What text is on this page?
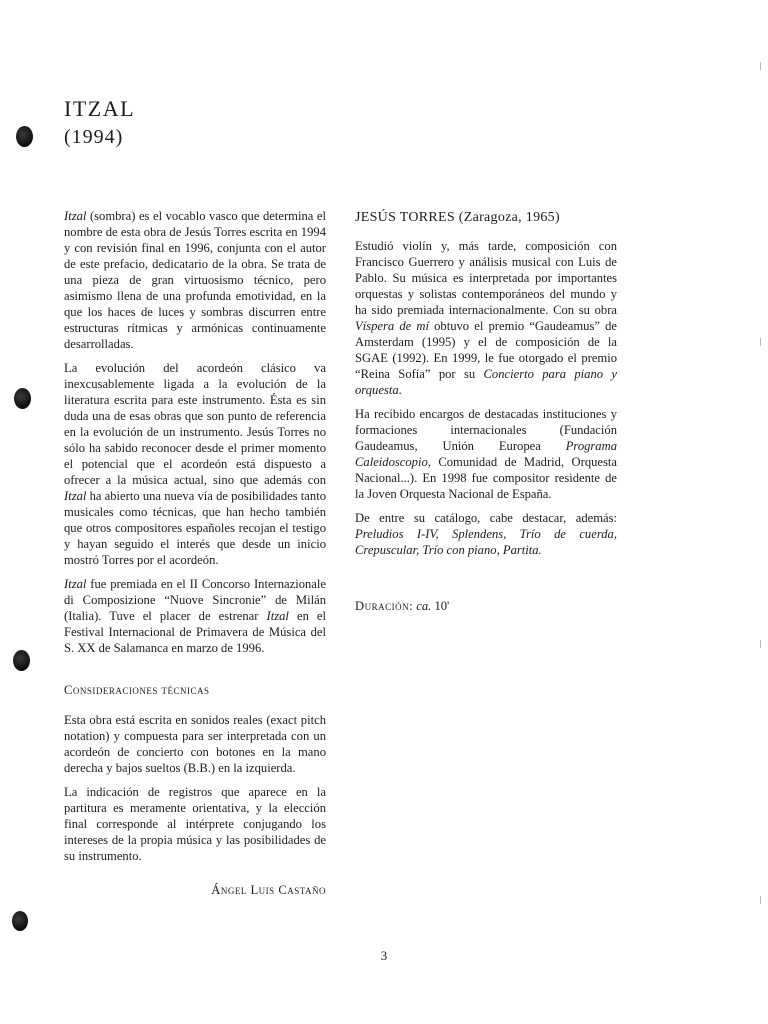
ITZAL
(1994)

Itzal (sombra) es el vocablo vasco que determina el nombre de esta obra de Jesús Torres escrita en 1994 y con revisión final en 1996, conjunta con el autor de este prefacio, dedicatario de la obra. Se trata de una pieza de gran virtuosismo técnico, pero asimismo llena de una profunda emotividad, en la que los haces de luces y sombras discurren entre estructuras rítmicas y armónicas continuamente desarrolladas.

La evolución del acordeón clásico va inexcusablemente ligada a la evolución de la literatura escrita para este instrumento. Ésta es sin duda una de esas obras que son punto de referencia en la evolución de un instrumento. Jesús Torres no sólo ha sabido reconocer desde el primer momento el potencial que el acordeón está dispuesto a ofrecer a la música actual, sino que además con Itzal ha abierto una nueva vía de posibilidades tanto musicales como técnicas, que han hecho también que otros compositores españoles recojan el testigo y hayan seguido el interés que desde un inicio mostró Torres por el acordeón.

Itzal fue premiada en el II Concorso Internazionale di Composizione “Nuove Sincronie” de Milán (Italia). Tuve el placer de estrenar Itzal en el Festival Internacional de Primavera de Música del S. XX de Salamanca en marzo de 1996.

Consideraciones técnicas

Esta obra está escrita en sonidos reales (exact pitch notation) y compuesta para ser interpretada con un acordeón de concierto con botones en la mano derecha y bajos sueltos (B.B.) en la izquierda.

La indicación de registros que aparece en la partitura es meramente orientativa, y la elección final corresponde al intérprete conjugando los intereses de la propia música y las posibilidades de su instrumento.

Ángel Luis Castaño
JESÚS TORRES (Zaragoza, 1965)

Estudió violín y, más tarde, composición con Francisco Guerrero y análisis musical con Luis de Pablo. Su música es interpretada por importantes orquestas y solistas contemporáneos del mundo y ha sido premiada internacionalmente. Con su obra Víspera de mí obtuvo el premio “Gaudeamus” de Amsterdam (1995) y el de composición de la SGAE (1992). En 1999, le fue otorgado el premio “Reina Sofía” por su Concierto para piano y orquesta.

Ha recibido encargos de destacadas instituciones y formaciones internacionales (Fundación Gaudeamus, Unión Europea Programa Caleidoscopio, Comunidad de Madrid, Orquesta Nacional...). En 1998 fue compositor residente de la Joven Orquesta Nacional de España.

De entre su catálogo, cabe destacar, además: Preludios I-IV, Splendens, Trío de cuerda, Crepuscular, Trío con piano, Partita.

Duración: ca. 10'
3
